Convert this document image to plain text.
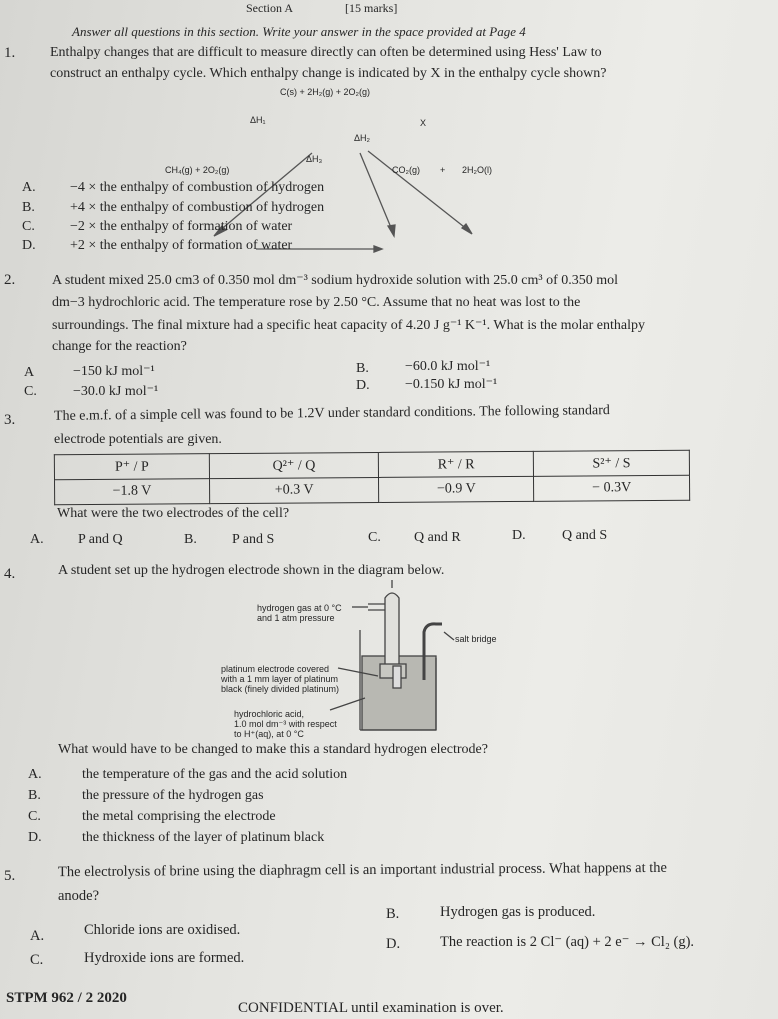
Section A	[15 marks]
Answer all questions in this section. Write your answer in the space provided at Page 4
1. Enthalpy changes that are difficult to measure directly can often be determined using Hess' Law to
construct an enthalpy cycle. Which enthalpy change is indicated by X in the enthalpy cycle shown?
C(s) + 2H₂(g) + 2O₂(g)
ΔH₁
ΔH₂
X
ΔH₃
CH₄(g) + 2O₂(g)	CO₂(g) + 2H₂O(l)
A. −4 × the enthalpy of combustion of hydrogen
B.	+4 × the enthalpy of combustion of hydrogen
C.	−2 × the enthalpy of formation of water
D. +2 × the enthalpy of formation of water
2.	A student mixed 25.0 cm3 of 0.350 mol dm⁻³ sodium hydroxide solution with 25.0 cm³ of 0.350 mol
dm−3 hydrochloric acid. The temperature rose by 2.50 °C. Assume that no heat was lost to the
surroundings. The final mixture had a specific heat capacity of 4.20 J g⁻¹ K⁻¹. What is the molar enthalpy
change for the reaction?
A	−150 kJ mol⁻¹	B.	−60.0 kJ mol⁻¹
C.	−30.0 kJ mol⁻¹	D.	−0.150 kJ mol⁻¹
3.	The e.m.f. of a simple cell was found to be 1.2V under standard conditions. The following standard
electrode potentials are given.
P⁺ / P	Q²⁺ / Q	R⁺ / R	S²⁺ / S
−1.8 V	+0.3 V	−0.9 V	− 0.3V
What were the two electrodes of the cell?
A. P and Q	B.	P and S	C. Q and R	D.	Q and S
4.	A student set up the hydrogen electrode shown in the diagram below.
hydrogen gas at 0 °C
and 1 atm pressure
salt bridge
platinum electrode covered
with a 1 mm layer of platinum
black (finely divided platinum)
hydrochloric acid,
1.0 mol dm⁻³ with respect
to H⁺(aq), at 0 °C
What would have to be changed to make this a standard hydrogen electrode?
A.	the temperature of the gas and the acid solution
B.	the pressure of the hydrogen gas
C.	the metal comprising the electrode
D.	the thickness of the layer of platinum black
5.	The electrolysis of brine using the diaphragm cell is an important industrial process. What happens at the
anode?
A.	Chloride ions are oxidised.
B.	Hydrogen gas is produced.
C.	Hydroxide ions are formed.
D.	The reaction is 2 Cl⁻ (aq) + 2 e⁻ → Cl₂ (g).
STPM 962 / 2 2020
CONFIDENTIAL until examination is over.
